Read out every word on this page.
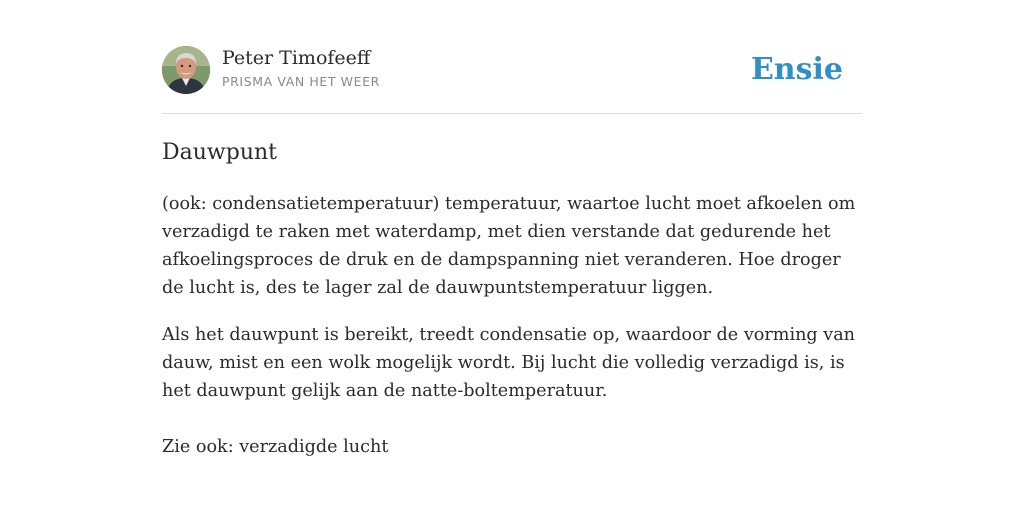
Peter Timofeeff
PRISMA VAN HET WEER	Ensie
Dauwpunt

(ook: condensatietemperatuur) temperatuur, waartoe lucht moet afkoelen om verzadigd te raken met waterdamp, met dien verstande dat gedurende het afkoelingsproces de druk en de dampspanning niet veranderen. Hoe droger de lucht is, des te lager zal de dauwpuntstemperatuur liggen.

Als het dauwpunt is bereikt, treedt condensatie op, waardoor de vorming van dauw, mist en een wolk mogelijk wordt. Bij lucht die volledig verzadigd is, is het dauwpunt gelijk aan de natte-boltemperatuur.

Zie ook: verzadigde lucht
